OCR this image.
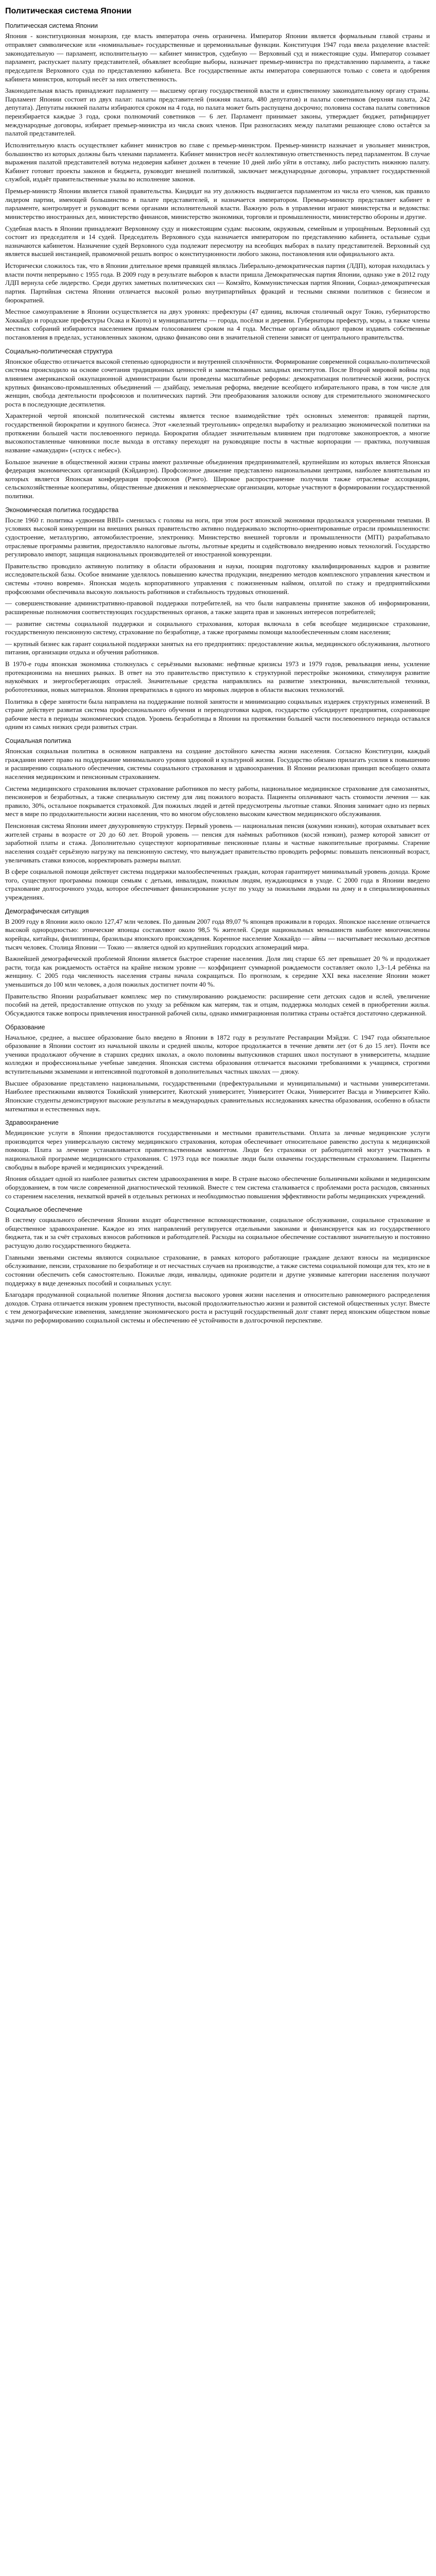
Политическая система Японии
Политическая система Японии

Япония - конституционная монархия, где власть императора очень ограничена. Император Японии является формальным главой страны и отправляет символические или «номинальные» государственные и церемониальные функции. Конституция 1947 года ввела разделение властей: законодательную — парламент, исполнительную — кабинет министров, судебную — Верховный суд и нижестоящие суды. Император созывает парламент, распускает палату представителей, объявляет всеобщие выборы, назначает премьер-министра по представлению парламента, а также председателя Верховного суда по представлению кабинета. Все государственные акты императора совершаются только с совета и одобрения кабинета министров, который несёт за них ответственность.

Законодательная власть принадлежит парламенту — высшему органу государственной власти и единственному законодательному органу страны. Парламент Японии состоит из двух палат: палаты представителей (нижняя палата, 480 депутатов) и палаты советников (верхняя палата, 242 депутата). Депутаты нижней палаты избираются сроком на 4 года, но палата может быть распущена досрочно; половина состава палаты советников переизбирается каждые 3 года, сроки полномочий советников — 6 лет. Парламент принимает законы, утверждает бюджет, ратифицирует международные договоры, избирает премьер-министра из числа своих членов. При разногласиях между палатами решающее слово остаётся за палатой представителей.

Исполнительную власть осуществляет кабинет министров во главе с премьер-министром. Премьер-министр назначает и увольняет министров, большинство из которых должны быть членами парламента. Кабинет министров несёт коллективную ответственность перед парламентом. В случае выражения палатой представителей вотума недоверия кабинет должен в течение 10 дней либо уйти в отставку, либо распустить нижнюю палату. Кабинет готовит проекты законов и бюджета, руководит внешней политикой, заключает международные договоры, управляет государственной службой, издаёт правительственные указы во исполнение законов.

Премьер-министр Японии является главой правительства. Кандидат на эту должность выдвигается парламентом из числа его членов, как правило лидером партии, имеющей большинство в палате представителей, и назначается императором. Премьер-министр представляет кабинет в парламенте, контролирует и руководит всеми органами исполнительной власти. Важную роль в управлении играют министерства и ведомства: министерство иностранных дел, министерство финансов, министерство экономики, торговли и промышленности, министерство обороны и другие.

Судебная власть в Японии принадлежит Верховному суду и нижестоящим судам: высоким, окружным, семейным и упрощённым. Верховный суд состоит из председателя и 14 судей. Председатель Верховного суда назначается императором по представлению кабинета, остальные судьи назначаются кабинетом. Назначение судей Верховного суда подлежит пересмотру на всеобщих выборах в палату представителей. Верховный суд является высшей инстанцией, правомочной решать вопрос о конституционности любого закона, постановления или официального акта.

Исторически сложилось так, что в Японии длительное время правящей являлась Либерально-демократическая партия (ЛДП), которая находилась у власти почти непрерывно с 1955 года. В 2009 году в результате выборов к власти пришла Демократическая партия Японии, однако уже в 2012 году ЛДП вернула себе лидерство. Среди других заметных политических сил — Комэйто, Коммунистическая партия Японии, Социал-демократическая партия. Партийная система Японии отличается высокой ролью внутрипартийных фракций и тесными связями политиков с бизнесом и бюрократией.

Местное самоуправление в Японии осуществляется на двух уровнях: префектуры (47 единиц, включая столичный округ Токио, губернаторство Хоккайдо и городские префектуры Осака и Киото) и муниципалитеты — города, посёлки и деревни. Губернаторы префектур, мэры, а также члены местных собраний избираются населением прямым голосованием сроком на 4 года. Местные органы обладают правом издавать собственные постановления в пределах, установленных законом, однако финансово они в значительной степени зависят от центрального правительства.

Социально-политическая структура

Японское общество отличается высокой степенью однородности и внутренней сплочённости. Формирование современной социально-политической системы происходило на основе сочетания традиционных ценностей и заимствованных западных институтов. После Второй мировой войны под влиянием американской оккупационной администрации были проведены масштабные реформы: демократизация политической жизни, роспуск крупных финансово-промышленных объединений — дзайбацу, земельная реформа, введение всеобщего избирательного права, в том числе для женщин, свобода деятельности профсоюзов и политических партий. Эти преобразования заложили основу для стремительного экономического роста в последующие десятилетия.

Характерной чертой японской политической системы является тесное взаимодействие трёх основных элементов: правящей партии, государственной бюрократии и крупного бизнеса. Этот «железный треугольник» определял выработку и реализацию экономической политики на протяжении большей части послевоенного периода. Бюрократия обладает значительным влиянием при подготовке законопроектов, а многие высокопоставленные чиновники после выхода в отставку переходят на руководящие посты в частные корпорации — практика, получившая название «амакудари» («спуск с небес»).

Большое значение в общественной жизни страны имеют различные объединения предпринимателей, крупнейшим из которых является Японская федерация экономических организаций (Кэйданрэн). Профсоюзное движение представлено национальными центрами, наиболее влиятельным из которых является Японская конфедерация профсоюзов (Рэнго). Широкое распространение получили также отраслевые ассоциации, сельскохозяйственные кооперативы, общественные движения и некоммерческие организации, которые участвуют в формировании государственной политики.

Экономическая политика государства

После 1960 г. политика «удвоения ВВП» сменилась с головы на ноги, при этом рост японской экономики продолжался ускоренными темпами. В условиях высокой конкуренции на внешних рынках правительство активно поддерживало экспортно-ориентированные отрасли промышленности: судостроение, металлургию, автомобилестроение, электронику. Министерство внешней торговли и промышленности (MITI) разрабатывало отраслевые программы развития, предоставляло налоговые льготы, льготные кредиты и содействовало внедрению новых технологий. Государство регулировало импорт, защищая национальных производителей от иностранной конкуренции.

Правительство проводило активную политику в области образования и науки, поощряя подготовку квалифицированных кадров и развитие исследовательской базы. Особое внимание уделялось повышению качества продукции, внедрению методов комплексного управления качеством и системы «точно вовремя». Японская модель корпоративного управления с пожизненным наймом, оплатой по стажу и предприятийскими профсоюзами обеспечивала высокую лояльность работников и стабильность трудовых отношений.

— совершенствование административно-правовой поддержки потребителей, на что были направлены принятие законов об информировании, расширенные полномочия соответствующих государственных органов, а также защита прав и законных интересов потребителей;

— развитие системы социальной поддержки и социального страхования, которая включала в себя всеобщее медицинское страхование, государственную пенсионную систему, страхование по безработице, а также программы помощи малообеспеченным слоям населения;

— крупный бизнес как гарант социальной поддержки занятых на его предприятиях: предоставление жилья, медицинского обслуживания, льготного питания, организации отдыха и обучения работников.

В 1970-е годы японская экономика столкнулась с серьёзными вызовами: нефтяные кризисы 1973 и 1979 годов, ревальвация иены, усиление протекционизма на внешних рынках. В ответ на это правительство приступило к структурной перестройке экономики, стимулируя развитие наукоёмких и энергосберегающих отраслей. Значительные средства направлялись на развитие электроники, вычислительной техники, робототехники, новых материалов. Япония превратилась в одного из мировых лидеров в области высоких технологий.

Политика в сфере занятости была направлена на поддержание полной занятости и минимизацию социальных издержек структурных изменений. В стране действует развитая система профессионального обучения и переподготовки кадров, государство субсидирует предприятия, сохраняющие рабочие места в периоды экономических спадов. Уровень безработицы в Японии на протяжении большей части послевоенного периода оставался одним из самых низких среди развитых стран.

Социальная политика

Японская социальная политика в основном направлена на создание достойного качества жизни населения. Согласно Конституции, каждый гражданин имеет право на поддержание минимального уровня здоровой и культурной жизни. Государство обязано прилагать усилия к повышению и расширению социального обеспечения, системы социального страхования и здравоохранения. В Японии реализован принцип всеобщего охвата населения медицинским и пенсионным страхованием.

Система медицинского страхования включает страхование работников по месту работы, национальное медицинское страхование для самозанятых, пенсионеров и безработных, а также специальную систему для лиц пожилого возраста. Пациенты оплачивают часть стоимости лечения — как правило, 30%, остальное покрывается страховкой. Для пожилых людей и детей предусмотрены льготные ставки. Япония занимает одно из первых мест в мире по продолжительности жизни населения, что во многом обусловлено высоким качеством медицинского обслуживания.

Пенсионная система Японии имеет двухуровневую структуру. Первый уровень — национальная пенсия (кокумин нэнкин), которая охватывает всех жителей страны в возрасте от 20 до 60 лет. Второй уровень — пенсия для наёмных работников (косэй нэнкин), размер которой зависит от заработной платы и стажа. Дополнительно существуют корпоративные пенсионные планы и частные накопительные программы. Старение населения создаёт серьёзную нагрузку на пенсионную систему, что вынуждает правительство проводить реформы: повышать пенсионный возраст, увеличивать ставки взносов, корректировать размеры выплат.

В сфере социальной помощи действует система поддержки малообеспеченных граждан, которая гарантирует минимальный уровень дохода. Кроме того, существуют программы помощи семьям с детьми, инвалидам, пожилым людям, нуждающимся в уходе. С 2000 года в Японии введено страхование долгосрочного ухода, которое обеспечивает финансирование услуг по уходу за пожилыми людьми на дому и в специализированных учреждениях.

Демографическая ситуация

В 2009 году в Японии жило около 127,47 млн человек. По данным 2007 года 89,07 % японцев проживали в городах. Японское население отличается высокой однородностью: этнические японцы составляют около 98,5 % жителей. Среди национальных меньшинств наиболее многочисленны корейцы, китайцы, филиппинцы, бразильцы японского происхождения. Коренное население Хоккайдо — айны — насчитывает несколько десятков тысяч человек. Столица Японии — Токио — является одной из крупнейших городских агломераций мира.

Важнейшей демографической проблемой Японии является быстрое старение населения. Доля лиц старше 65 лет превышает 20 % и продолжает расти, тогда как рождаемость остаётся на крайне низком уровне — коэффициент суммарной рождаемости составляет около 1,3–1,4 ребёнка на женщину. С 2005 года численность населения страны начала сокращаться. По прогнозам, к середине XXI века население Японии может уменьшиться до 100 млн человек, а доля пожилых достигнет почти 40 %.

Правительство Японии разрабатывает комплекс мер по стимулированию рождаемости: расширение сети детских садов и яслей, увеличение пособий на детей, предоставление отпусков по уходу за ребёнком как матерям, так и отцам, поддержка молодых семей в приобретении жилья. Обсуждаются также вопросы привлечения иностранной рабочей силы, однако иммиграционная политика страны остаётся достаточно сдержанной.

Образование

Начальное, среднее, а высшее образование было введено в Японии в 1872 году в результате Реставрации Мэйдзи. С 1947 года обязательное образование в Японии состоит из начальной школы и средней школы, которое продолжается в течение девяти лет (от 6 до 15 лет). Почти все ученики продолжают обучение в старших средних школах, а около половины выпускников старших школ поступают в университеты, младшие колледжи и профессиональные учебные заведения. Японская система образования отличается высокими требованиями к учащимся, строгими вступительными экзаменами и интенсивной подготовкой в дополнительных частных школах — дзюку.

Высшее образование представлено национальными, государственными (префектуральными и муниципальными) и частными университетами. Наиболее престижными являются Токийский университет, Киотский университет, Университет Осаки, Университет Васэда и Университет Кэйо. Японские студенты демонстрируют высокие результаты в международных сравнительных исследованиях качества образования, особенно в области математики и естественных наук.

Здравоохранение

Медицинские услуги в Японии предоставляются государственными и местными правительствами. Оплата за личные медицинские услуги производится через универсальную систему медицинского страхования, которая обеспечивает относительное равенство доступа к медицинской помощи. Плата за лечение устанавливается правительственным комитетом. Люди без страховки от работодателей могут участвовать в национальной программе медицинского страхования. С 1973 года все пожилые люди были охвачены государственным страхованием. Пациенты свободны в выборе врачей и медицинских учреждений.

Япония обладает одной из наиболее развитых систем здравоохранения в мире. В стране высоко обеспечение больничными койками и медицинским оборудованием, в том числе современной диагностической техникой. Вместе с тем система сталкивается с проблемами роста расходов, связанных со старением населения, нехваткой врачей в отдельных регионах и необходимостью повышения эффективности работы медицинских учреждений.

Социальное обеспечение

В систему социального обеспечения Японии входят общественное вспомоществование, социальное обслуживание, социальное страхование и общественное здравоохранение. Каждое из этих направлений регулируется отдельными законами и финансируется как из государственного бюджета, так и за счёт страховых взносов работников и работодателей. Расходы на социальное обеспечение составляют значительную и постоянно растущую долю государственного бюджета.

Главными звеньями системы являются социальное страхование, в рамках которого работающие граждане делают взносы на медицинское обслуживание, пенсии, страхование по безработице и от несчастных случаев на производстве, а также система социальной помощи для тех, кто не в состоянии обеспечить себя самостоятельно. Пожилые люди, инвалиды, одинокие родители и другие уязвимые категории населения получают поддержку в виде денежных пособий и социальных услуг.

Благодаря продуманной социальной политике Япония достигла высокого уровня жизни населения и относительно равномерного распределения доходов. Страна отличается низким уровнем преступности, высокой продолжительностью жизни и развитой системой общественных услуг. Вместе с тем демографические изменения, замедление экономического роста и растущий государственный долг ставят перед японским обществом новые задачи по реформированию социальной системы и обеспечению её устойчивости в долгосрочной перспективе.
